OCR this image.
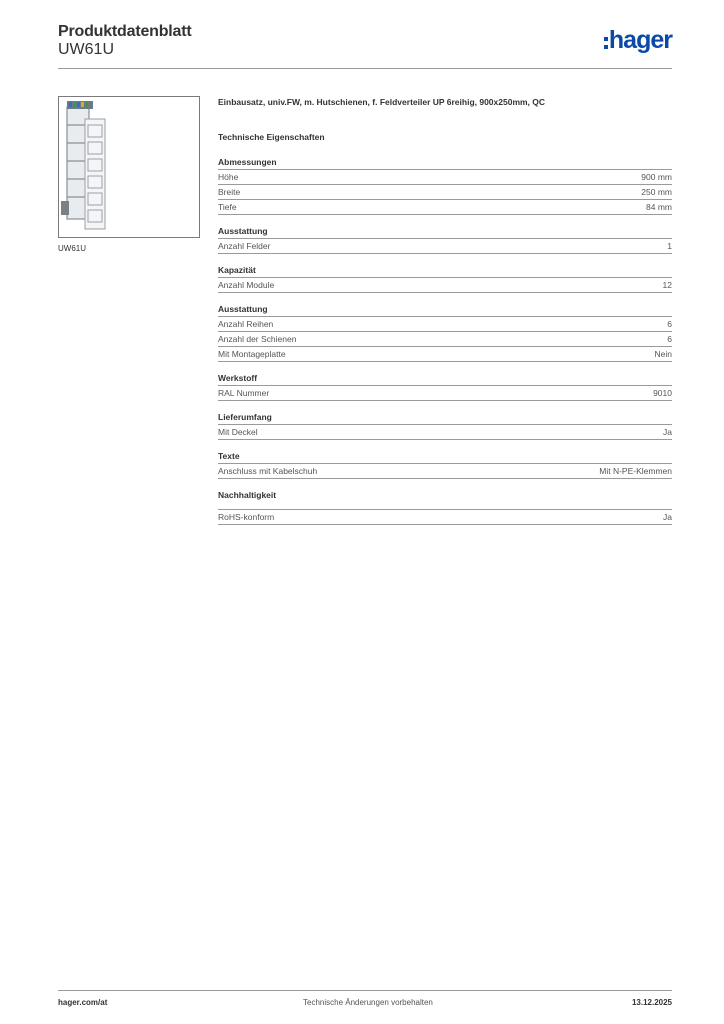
Produktdatenblatt
UW61U	hager
UW61U
Einbausatz, univ.FW, m. Hutschienen, f. Feldverteiler UP 6reihig, 900x250mm, QC
Technische Eigenschaften
Abmessungen
Höhe	900 mm
Breite	250 mm
Tiefe	84 mm
Ausstattung
Anzahl Felder	1
Kapazität
Anzahl Module	12
Ausstattung
Anzahl Reihen	6
Anzahl der Schienen	6
Mit Montageplatte	Nein
Werkstoff
RAL Nummer	9010
Lieferumfang
Mit Deckel	Ja
Texte
Anschluss mit Kabelschuh	Mit N-PE-Klemmen
Nachhaltigkeit
RoHS-konform	Ja
hager.com/at	Technische Änderungen vorbehalten	13.12.2025
